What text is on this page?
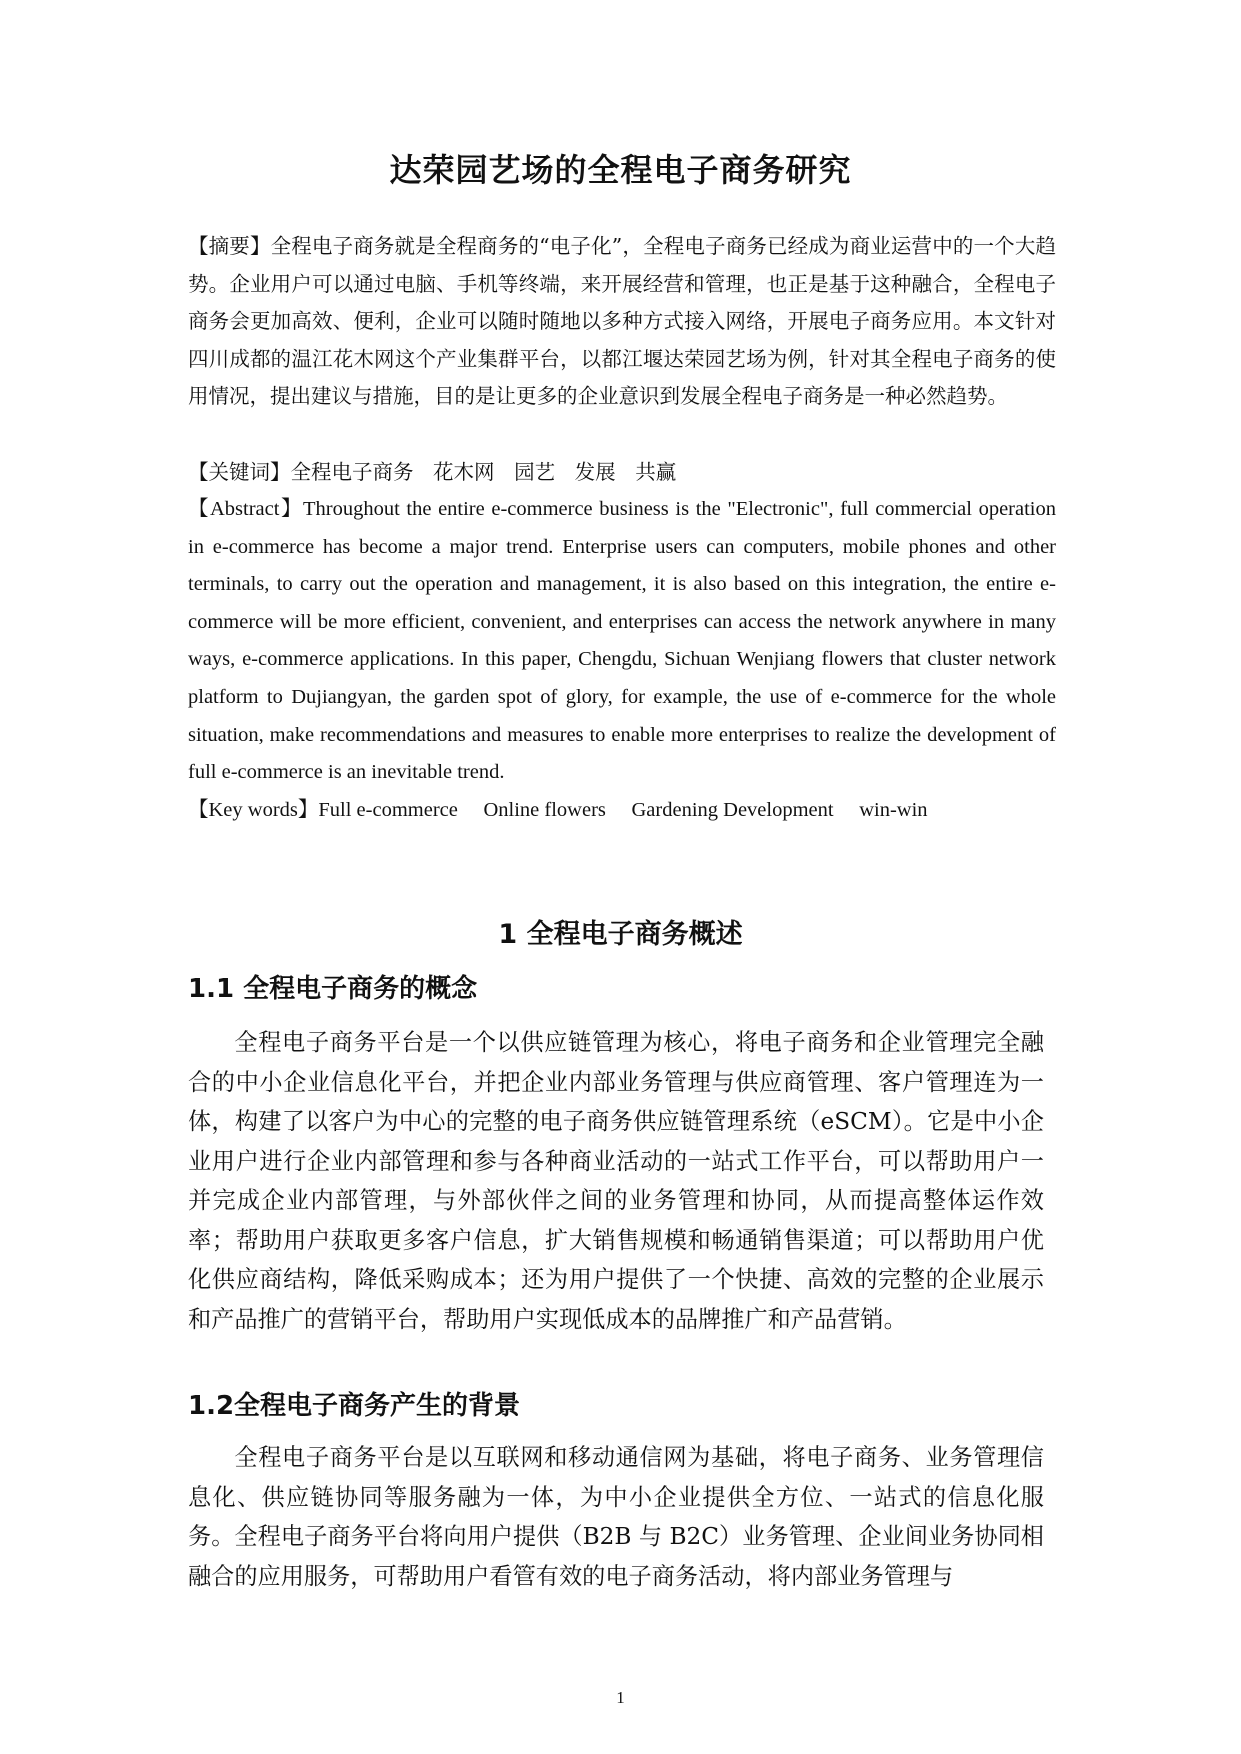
达荣园艺场的全程电子商务研究

【摘要】全程电子商务就是全程商务的“电子化”，全程电子商务已经成为商业运营中的一个大趋势。企业用户可以通过电脑、手机等终端，来开展经营和管理，也正是基于这种融合，全程电子商务会更加高效、便利，企业可以随时随地以多种方式接入网络，开展电子商务应用。本文针对四川成都的温江花木网这个产业集群平台，以都江堰达荣园艺场为例，针对其全程电子商务的使用情况，提出建议与措施，目的是让更多的企业意识到发展全程电子商务是一种必然趋势。

【关键词】全程电子商务   花木网   园艺   发展   共赢

【Abstract】Throughout the entire e-commerce business is the "Electronic", full commercial operation in e-commerce has become a major trend. Enterprise users can computers, mobile phones and other terminals, to carry out the operation and management, it is also based on this integration, the entire e-commerce will be more efficient, convenient, and enterprises can access the network anywhere in many ways, e-commerce applications. In this paper, Chengdu, Sichuan Wenjiang flowers that cluster network platform to Dujiangyan, the garden spot of glory, for example, the use of e-commerce for the whole situation, make recommendations and measures to enable more enterprises to realize the development of full e-commerce is an inevitable trend.

【Key words】Full e-commerce     Online flowers     Gardening Development     win-win

1 全程电子商务概述
1.1 全程电子商务的概念

全程电子商务平台是一个以供应链管理为核心，将电子商务和企业管理完全融合的中小企业信息化平台，并把企业内部业务管理与供应商管理、客户管理连为一体，构建了以客户为中心的完整的电子商务供应链管理系统（eSCM）。它是中小企业用户进行企业内部管理和参与各种商业活动的一站式工作平台，可以帮助用户一并完成企业内部管理，与外部伙伴之间的业务管理和协同，从而提高整体运作效率；帮助用户获取更多客户信息，扩大销售规模和畅通销售渠道；可以帮助用户优化供应商结构，降低采购成本；还为用户提供了一个快捷、高效的完整的企业展示和产品推广的营销平台，帮助用户实现低成本的品牌推广和产品营销。

1.2全程电子商务产生的背景

全程电子商务平台是以互联网和移动通信网为基础，将电子商务、业务管理信息化、供应链协同等服务融为一体，为中小企业提供全方位、一站式的信息化服务。全程电子商务平台将向用户提供（B2B 与 B2C）业务管理、企业间业务协同相融合的应用服务，可帮助用户看管有效的电子商务活动，将内部业务管理与

1
